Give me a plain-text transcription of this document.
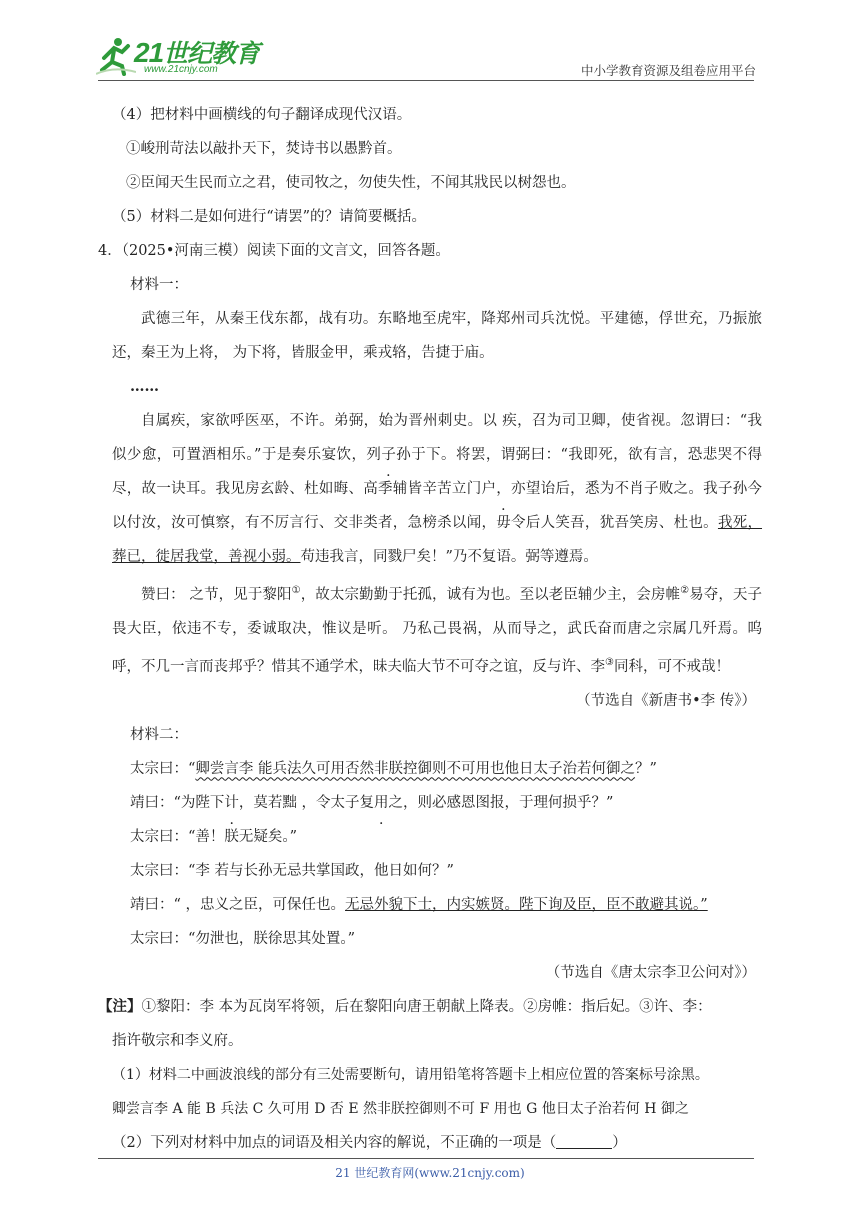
21世纪教育
www.21cnjy.com	中小学教育资源及组卷应用平台
（4）把材料中画横线的句子翻译成现代汉语。
①峻刑苛法以敲扑天下，焚诗书以愚黔首。
②臣闻天生民而立之君，使司牧之，勿使失性，不闻其戕民以树怨也。
（5）材料二是如何进行“请罢”的？请简要概括。
4．（2025•河南三模）阅读下面的文言文，回答各题。
材料一：
武德三年，从秦王伐东都，战有功。东略地至虎牢，降郑州司兵沈悦。平建德，俘世充，乃振旅还，秦王为上将， 为下将，皆服金甲，乘戎辂，告捷于庙。
……
自属疾，家欲呼医巫，不许。弟弼，始为晋州刺史。以 疾，召为司卫卿，使省视。忽谓曰：“我似少愈，可置酒相乐。”于是奏乐宴饮，列子孙于下。将罢，谓弼曰：“我即死，欲有言，恐悲哭不得尽，故一诀耳。我见房玄龄、杜如晦、高季辅皆辛苦立门户，亦望诒后，悉为不肖子败之。我子孙今以付汝，汝可慎察，有不厉言行、交非类者，急榜杀以闻，毋令后人笑吾，犹吾笑房、杜也。我死，葬已，徙居我堂，善视小弱。苟违我言，同戮尸矣！”乃不复语。弼等遵焉。
赞曰： 之节，见于黎阳①，故太宗勤勤于托孤，诚有为也。至以老臣辅少主，会房帷②易夺，天子畏大臣，依违不专，委诚取决，惟议是听。 乃私己畏祸，从而导之，武氏奋而唐之宗属几歼焉。呜呼，不几一言而丧邦乎？惜其不通学术，昧夫临大节不可夺之谊，反与许、李③同科，可不戒哉！
（节选自《新唐书•李 传》）
材料二：
太宗曰：“卿尝言李 能兵法久可用否然非朕控御则不可用也他日太子治若何御之？”
靖曰：“为陛下计，莫若黜 ，令太子复用之，则必感恩图报，于理何损乎？”
太宗曰：“善！朕无疑矣。”
太宗曰：“李 若与长孙无忌共掌国政，他日如何？”
靖曰：“ ，忠义之臣，可保任也。无忌外貌下士，内实嫉贤。陛下询及臣，臣不敢避其说。”
太宗曰：“勿泄也，朕徐思其处置。”
（节选自《唐太宗李卫公问对》）
【注】①黎阳：李 本为瓦岗军将领，后在黎阳向唐王朝献上降表。②房帷：指后妃。③许、李：
指许敬宗和李义府。
（1）材料二中画波浪线的部分有三处需要断句，请用铅笔将答题卡上相应位置的答案标号涂黑。
卿尝言李 A 能 B 兵法 C 久可用 D 否 E 然非朕控御则不可 F 用也 G 他日太子治若何 H 御之
（2）下列对材料中加点的词语及相关内容的解说，不正确的一项是（	）
21 世纪教育网(www.21cnjy.com)
